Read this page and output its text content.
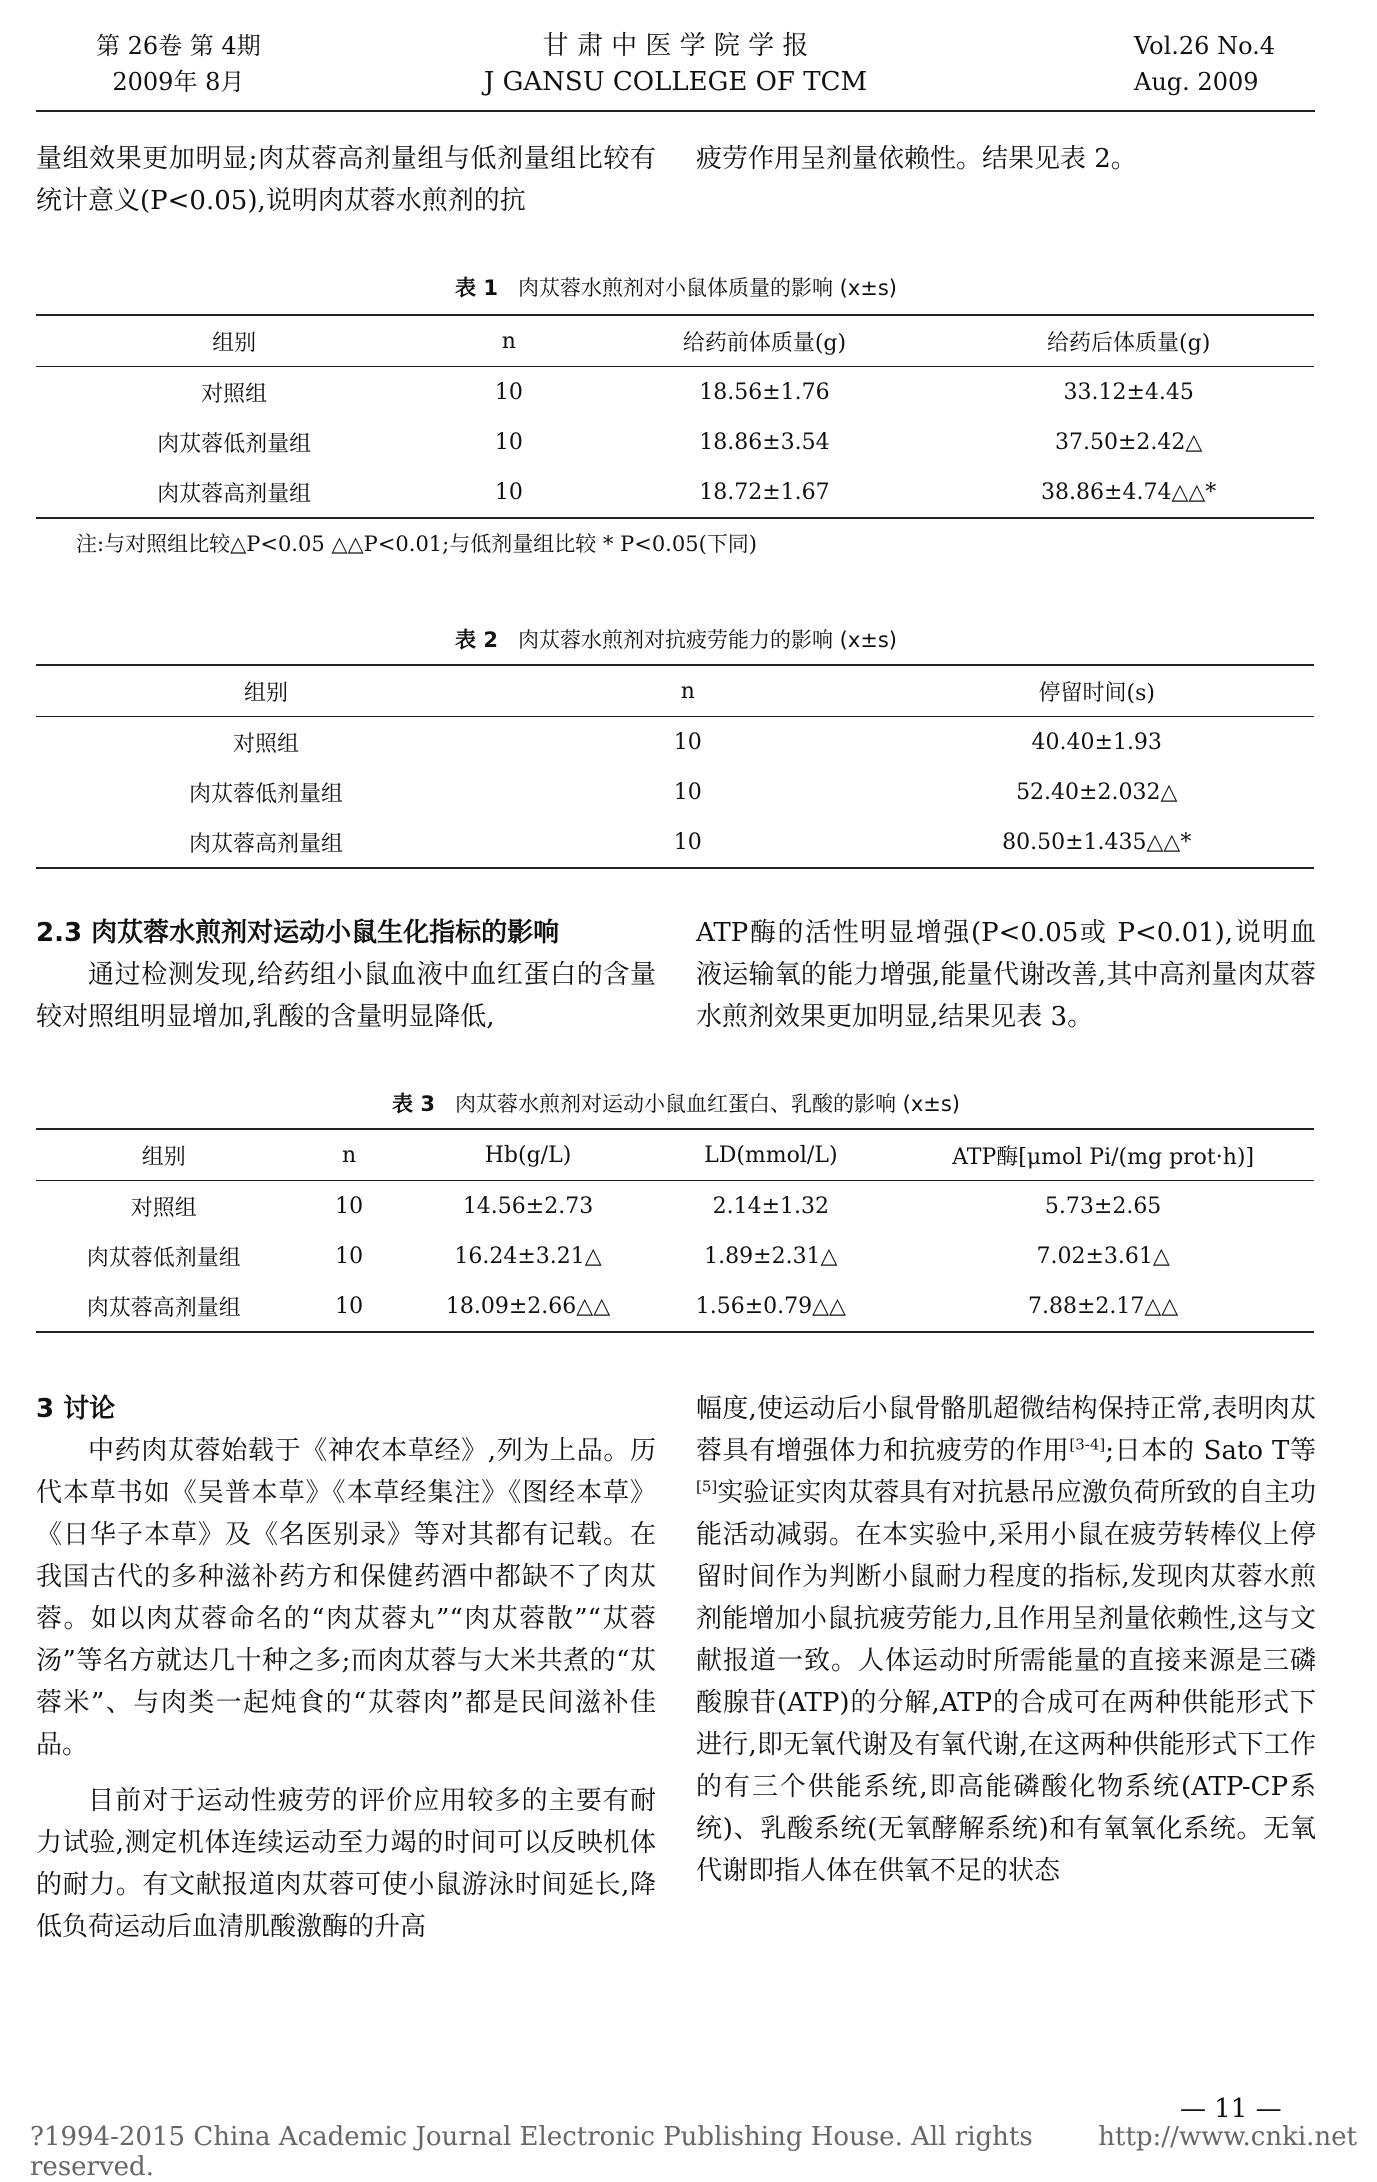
第 26卷 第 4期
2009年 8月
甘 肃 中 医 学 院 学 报
J GANSU COLLEGE OF TCM
Vol.26 No.4
Aug. 2009
量组效果更加明显;肉苁蓉高剂量组与低剂量组比较有统计意义(P<0.05),说明肉苁蓉水煎剂的抗
疲劳作用呈剂量依赖性。结果见表 2。
表 1 肉苁蓉水煎剂对小鼠体质量的影响 (x±s)
组别	n	给药前体质量(g)	给药后体质量(g)
对照组	10	18.56±1.76	33.12±4.45
肉苁蓉低剂量组	10	18.86±3.54	37.50±2.42△
肉苁蓉高剂量组	10	18.72±1.67	38.86±4.74△△*
注:与对照组比较△P<0.05 △△P<0.01;与低剂量组比较 * P<0.05(下同)
表 2 肉苁蓉水煎剂对抗疲劳能力的影响 (x±s)
组别	n	停留时间(s)
对照组	10	40.40±1.93
肉苁蓉低剂量组	10	52.40±2.032△
肉苁蓉高剂量组	10	80.50±1.435△△*
2.3 肉苁蓉水煎剂对运动小鼠生化指标的影响
通过检测发现,给药组小鼠血液中血红蛋白的含量较对照组明显增加,乳酸的含量明显降低,
ATP酶的活性明显增强(P<0.05或 P<0.01),说明血液运输氧的能力增强,能量代谢改善,其中高剂量肉苁蓉水煎剂效果更加明显,结果见表 3。
表 3 肉苁蓉水煎剂对运动小鼠血红蛋白、乳酸的影响 (x±s)
组别	n	Hb(g/L)	LD(mmol/L)	ATP酶[μmol Pi/(mg prot·h)]
对照组	10	14.56±2.73	2.14±1.32	5.73±2.65
肉苁蓉低剂量组	10	16.24±3.21△	1.89±2.31△	7.02±3.61△
肉苁蓉高剂量组	10	18.09±2.66△△	1.56±0.79△△	7.88±2.17△△
3 讨论
中药肉苁蓉始载于《神农本草经》,列为上品。历代本草书如《吴普本草》《本草经集注》《图经本草》《日华子本草》及《名医别录》等对其都有记载。在我国古代的多种滋补药方和保健药酒中都缺不了肉苁蓉。如以肉苁蓉命名的“肉苁蓉丸”“肉苁蓉散”“苁蓉汤”等名方就达几十种之多;而肉苁蓉与大米共煮的“苁蓉米”、与肉类一起炖食的“苁蓉肉”都是民间滋补佳品。
目前对于运动性疲劳的评价应用较多的主要有耐力试验,测定机体连续运动至力竭的时间可以反映机体的耐力。有文献报道肉苁蓉可使小鼠游泳时间延长,降低负荷运动后血清肌酸激酶的升高
幅度,使运动后小鼠骨骼肌超微结构保持正常,表明肉苁蓉具有增强体力和抗疲劳的作用[3-4];日本的 Sato T等[5]实验证实肉苁蓉具有对抗悬吊应激负荷所致的自主功能活动减弱。在本实验中,采用小鼠在疲劳转棒仪上停留时间作为判断小鼠耐力程度的指标,发现肉苁蓉水煎剂能增加小鼠抗疲劳能力,且作用呈剂量依赖性,这与文献报道一致。人体运动时所需能量的直接来源是三磷酸腺苷(ATP)的分解,ATP的合成可在两种供能形式下进行,即无氧代谢及有氧代谢,在这两种供能形式下工作的有三个供能系统,即高能磷酸化物系统(ATP-CP系统)、乳酸系统(无氧酵解系统)和有氧氧化系统。无氧代谢即指人体在供氧不足的状态
— 11 —
?1994-2015 China Academic Journal Electronic Publishing House. All rights reserved.
http://www.cnki.net
